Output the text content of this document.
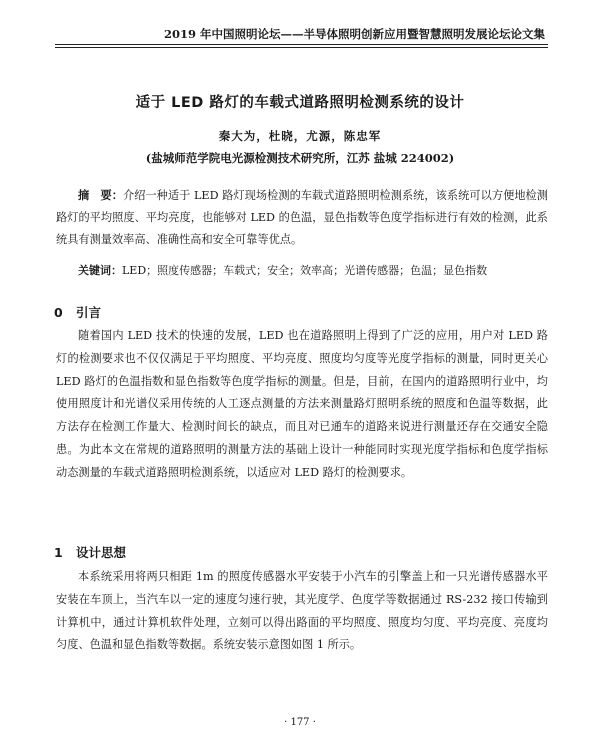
2019 年中国照明论坛——半导体照明创新应用暨智慧照明发展论坛论文集
适于 LED 路灯的车载式道路照明检测系统的设计
秦大为，杜晓，尤源，陈忠军
(盐城师范学院电光源检测技术研究所，江苏 盐城 224002)

摘　要：介绍一种适于 LED 路灯现场检测的车载式道路照明检测系统，该系统可以方便地检测路灯的平均照度、平均亮度，也能够对 LED 的色温，显色指数等色度学指标进行有效的检测，此系统具有测量效率高、准确性高和安全可靠等优点。

关键词：LED；照度传感器；车载式；安全；效率高；光谱传感器；色温；显色指数

0 引言

随着国内 LED 技术的快速的发展，LED 也在道路照明上得到了广泛的应用，用户对 LED 路灯的检测要求也不仅仅满足于平均照度、平均亮度、照度均匀度等光度学指标的测量，同时更关心 LED 路灯的色温指数和显色指数等色度学指标的测量。但是，目前，在国内的道路照明行业中，均使用照度计和光谱仪采用传统的人工逐点测量的方法来测量路灯照明系统的照度和色温等数据，此方法存在检测工作量大、检测时间长的缺点，而且对已通车的道路来说进行测量还存在交通安全隐患。为此本文在常规的道路照明的测量方法的基础上设计一种能同时实现光度学指标和色度学指标动态测量的车载式道路照明检测系统，以适应对 LED 路灯的检测要求。

1 设计思想

本系统采用将两只相距 1m 的照度传感器水平安装于小汽车的引擎盖上和一只光谱传感器水平安装在车顶上，当汽车以一定的速度匀速行驶，其光度学、色度学等数据通过 RS-232 接口传输到计算机中，通过计算机软件处理，立刻可以得出路面的平均照度、照度均匀度、平均亮度、亮度均匀度、色温和显色指数等数据。系统安装示意图如图 1 所示。

· 177 ·
